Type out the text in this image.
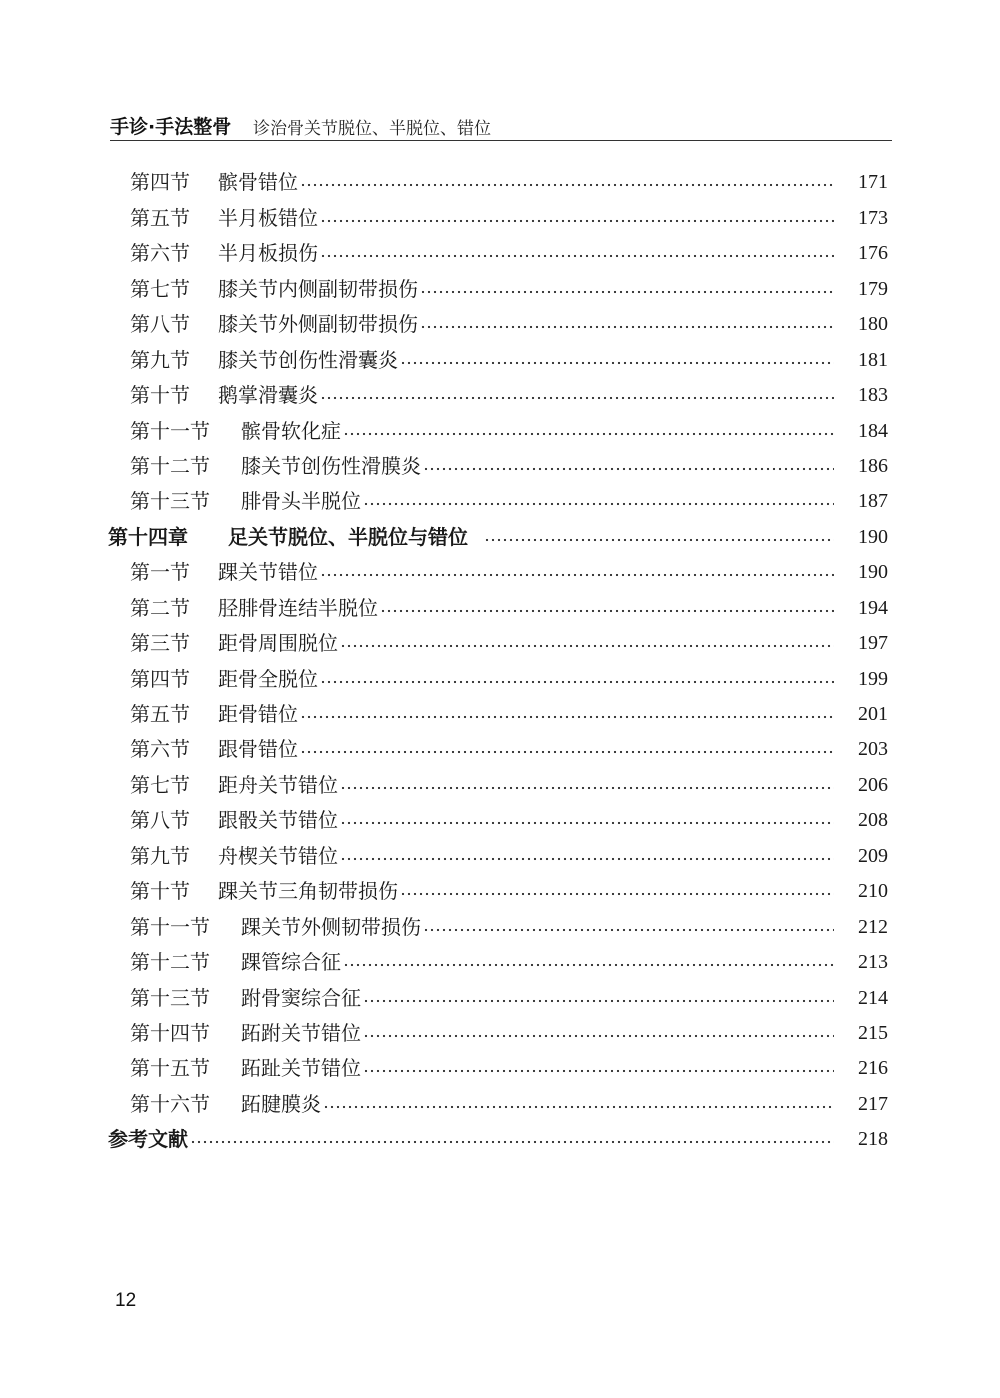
手诊·手法整骨 诊治骨关节脱位、半脱位、错位
第四节	髌骨错位	171
第五节	半月板错位	173
第六节	半月板损伤	176
第七节	膝关节内侧副韧带损伤	179
第八节	膝关节外侧副韧带损伤	180
第九节	膝关节创伤性滑囊炎	181
第十节	鹅掌滑囊炎	183
第十一节	髌骨软化症	184
第十二节	膝关节创伤性滑膜炎	186
第十三节	腓骨头半脱位	187
第十四章	足关节脱位、半脱位与错位	190
第一节	踝关节错位	190
第二节	胫腓骨连结半脱位	194
第三节	距骨周围脱位	197
第四节	距骨全脱位	199
第五节	距骨错位	201
第六节	跟骨错位	203
第七节	距舟关节错位	206
第八节	跟骰关节错位	208
第九节	舟楔关节错位	209
第十节	踝关节三角韧带损伤	210
第十一节	踝关节外侧韧带损伤	212
第十二节	踝管综合征	213
第十三节	跗骨窦综合征	214
第十四节	跖跗关节错位	215
第十五节	跖趾关节错位	216
第十六节	跖腱膜炎	217
参考文献	218
12
